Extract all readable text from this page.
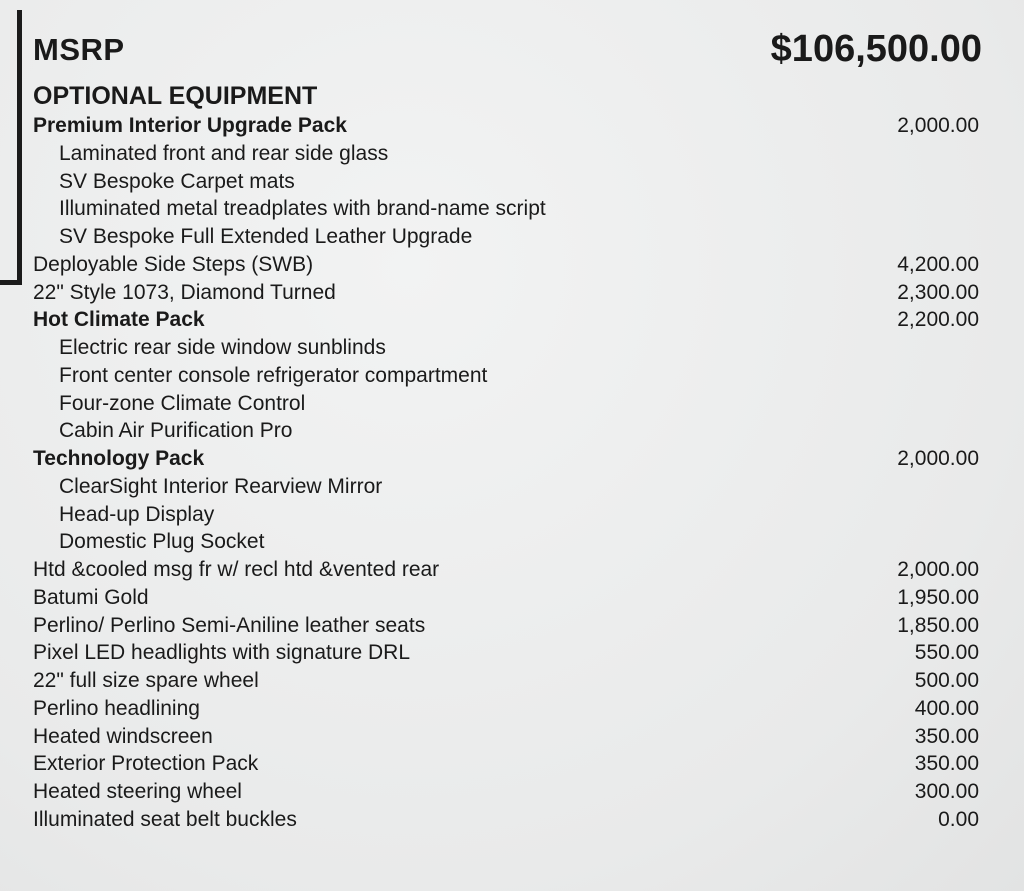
MSRP	$106,500.00
OPTIONAL EQUIPMENT
Premium Interior Upgrade Pack	2,000.00
Laminated front and rear side glass
SV Bespoke Carpet mats
Illuminated metal treadplates with brand-name script
SV Bespoke Full Extended Leather Upgrade
Deployable Side Steps (SWB)	4,200.00
22" Style 1073, Diamond Turned	2,300.00
Hot Climate Pack	2,200.00
Electric rear side window sunblinds
Front center console refrigerator compartment
Four-zone Climate Control
Cabin Air Purification Pro
Technology Pack	2,000.00
ClearSight Interior Rearview Mirror
Head-up Display
Domestic Plug Socket
Htd &cooled msg fr w/ recl htd &vented rear	2,000.00
Batumi Gold	1,950.00
Perlino/ Perlino Semi-Aniline leather seats	1,850.00
Pixel LED headlights with signature DRL	550.00
22" full size spare wheel	500.00
Perlino headlining	400.00
Heated windscreen	350.00
Exterior Protection Pack	350.00
Heated steering wheel	300.00
Illuminated seat belt buckles	0.00
